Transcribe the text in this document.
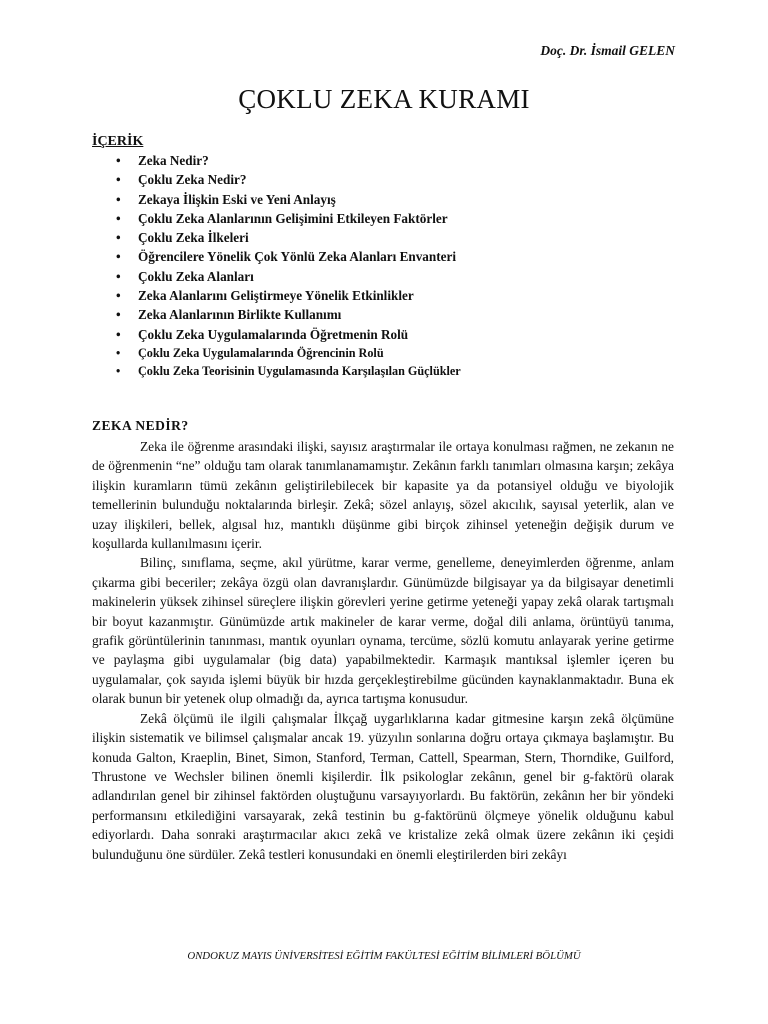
Doç. Dr. İsmail GELEN
ÇOKLU ZEKA KURAMI
İÇERİK
• Zeka Nedir?
• Çoklu Zeka Nedir?
• Zekaya İlişkin Eski ve Yeni Anlayış
• Çoklu Zeka Alanlarının Gelişimini Etkileyen Faktörler
• Çoklu Zeka İlkeleri
• Öğrencilere Yönelik Çok Yönlü Zeka Alanları Envanteri
• Çoklu Zeka Alanları
• Zeka Alanlarını Geliştirmeye Yönelik Etkinlikler
• Zeka Alanlarının Birlikte Kullanımı
• Çoklu Zeka Uygulamalarında Öğretmenin Rolü
• Çoklu Zeka Uygulamalarında Öğrencinin Rolü
• Çoklu Zeka Teorisinin Uygulamasında Karşılaşılan Güçlükler
ZEKA NEDİR?

Zeka ile öğrenme arasındaki ilişki, sayısız araştırmalar ile ortaya konulması rağmen, ne zekanın ne de öğrenmenin “ne” olduğu tam olarak tanımlanamamıştır. Zekânın farklı tanımları olmasına karşın; zekâya ilişkin kuramların tümü zekânın geliştirilebilecek bir kapasite ya da potansiyel olduğu ve biyolojik temellerinin bulunduğu noktalarında birleşir. Zekâ; sözel anlayış, sözel akıcılık, sayısal yeterlik, alan ve uzay ilişkileri, bellek, algısal hız, mantıklı düşünme gibi birçok zihinsel yeteneğin değişik durum ve koşullarda kullanılmasını içerir.

Bilinç, sınıflama, seçme, akıl yürütme, karar verme, genelleme, deneyimlerden öğrenme, anlam çıkarma gibi beceriler; zekâya özgü olan davranışlardır. Günümüzde bilgisayar ya da bilgisayar denetimli makinelerin yüksek zihinsel süreçlere ilişkin görevleri yerine getirme yeteneği yapay zekâ olarak tartışmalı bir boyut kazanmıştır. Günümüzde artık makineler de karar verme, doğal dili anlama, örüntüyü tanıma, grafik görüntülerinin tanınması, mantık oyunları oynama, tercüme, sözlü komutu anlayarak yerine getirme ve paylaşma gibi uygulamalar (big data) yapabilmektedir. Karmaşık mantıksal işlemler içeren bu uygulamalar, çok sayıda işlemi büyük bir hızda gerçekleştirebilme gücünden kaynaklanmaktadır. Buna ek olarak bunun bir yetenek olup olmadığı da, ayrıca tartışma konusudur.

Zekâ ölçümü ile ilgili çalışmalar İlkçağ uygarlıklarına kadar gitmesine karşın zekâ ölçümüne ilişkin sistematik ve bilimsel çalışmalar ancak 19. yüzyılın sonlarına doğru ortaya çıkmaya başlamıştır. Bu konuda Galton, Kraeplin, Binet, Simon, Stanford, Terman, Cattell, Spearman, Stern, Thorndike, Guilford, Thrustone ve Wechsler bilinen önemli kişilerdir. İlk psikologlar zekânın, genel bir g-faktörü olarak adlandırılan genel bir zihinsel faktörden oluştuğunu varsayıyorlardı. Bu faktörün, zekânın her bir yöndeki performansını etkilediğini varsayarak, zekâ testinin bu g-faktörünü ölçmeye yönelik olduğunu kabul ediyorlardı. Daha sonraki araştırmacılar akıcı zekâ ve kristalize zekâ olmak üzere zekânın iki çeşidi bulunduğunu öne sürdüler. Zekâ testleri konusundaki en önemli eleştirilerden biri zekâyı

ONDOKUZ MAYIS ÜNİVERSİTESİ EĞİTİM FAKÜLTESİ EĞİTİM BİLİMLERİ BÖLÜMÜ
